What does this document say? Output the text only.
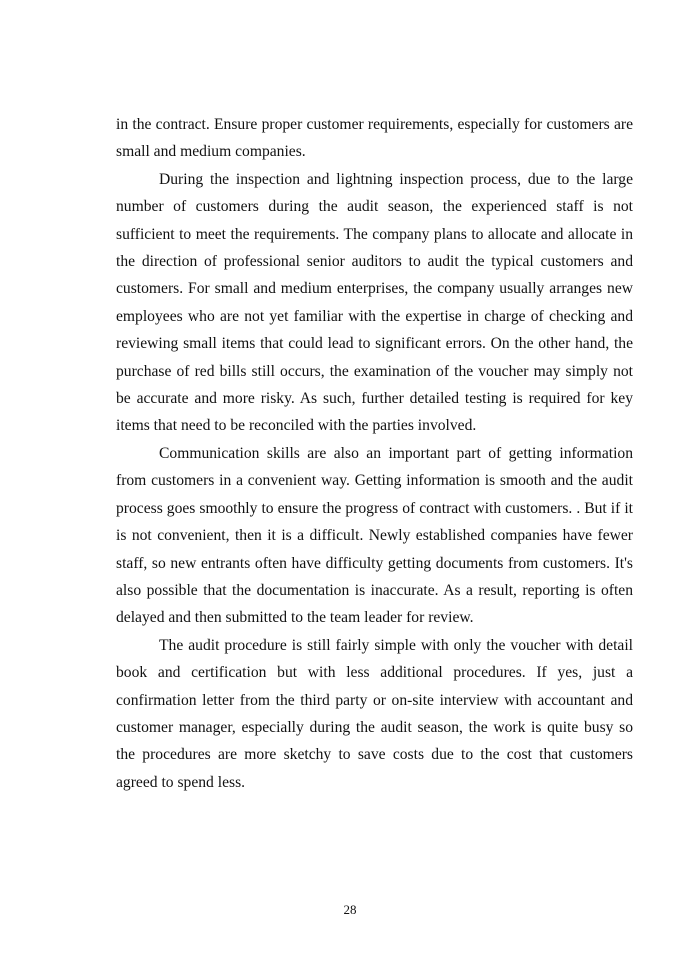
in the contract. Ensure proper customer requirements, especially for customers are small and medium companies.

During the inspection and lightning inspection process, due to the large number of customers during the audit season, the experienced staff is not sufficient to meet the requirements. The company plans to allocate and allocate in the direction of professional senior auditors to audit the typical customers and customers. For small and medium enterprises, the company usually arranges new employees who are not yet familiar with the expertise in charge of checking and reviewing small items that could lead to significant errors. On the other hand, the purchase of red bills still occurs, the examination of the voucher may simply not be accurate and more risky. As such, further detailed testing is required for key items that need to be reconciled with the parties involved.

Communication skills are also an important part of getting information from customers in a convenient way. Getting information is smooth and the audit process goes smoothly to ensure the progress of contract with customers. . But if it is not convenient, then it is a difficult. Newly established companies have fewer staff, so new entrants often have difficulty getting documents from customers. It's also possible that the documentation is inaccurate. As a result, reporting is often delayed and then submitted to the team leader for review.

The audit procedure is still fairly simple with only the voucher with detail book and certification but with less additional procedures. If yes, just a confirmation letter from the third party or on-site interview with accountant and customer manager, especially during the audit season, the work is quite busy so the procedures are more sketchy to save costs due to the cost that customers agreed to spend less.

28
